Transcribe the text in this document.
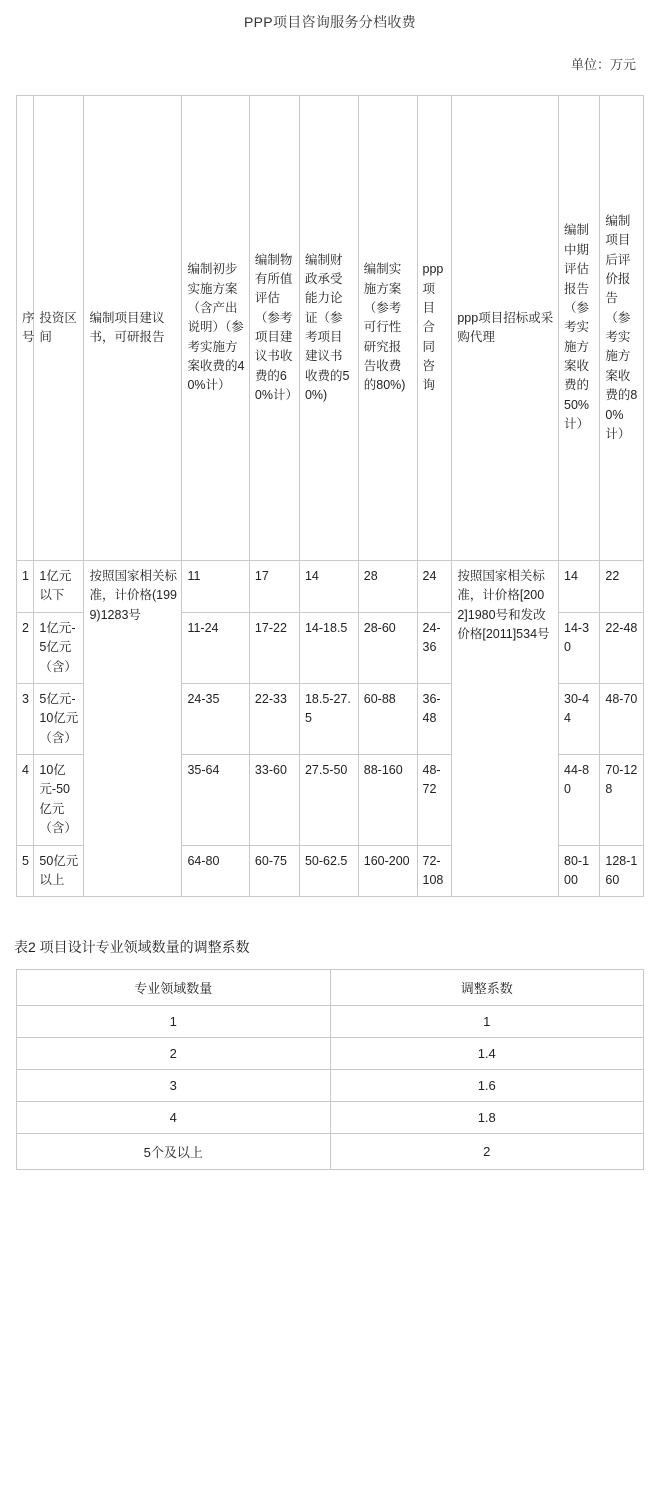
PPP项目咨询服务分档收费
单位：万元
序号	投资区间	编制项目建议书，可研报告	编制初步实施方案（含产出说明）（参考实施方案收费的40%计）	编制物有所值评估（参考项目建议书收费的60%计）	编制财政承受能力论证（参考项目建议书收费的50%)	编制实施方案（参考可行性研究报告收费的80%)	ppp项目合同咨询	ppp项目招标或采购代理	编制中期评估报告（参考实施方案收费的50%计）	编制项目后评价报告（参考实施方案收费的80%计）
1	1亿元以下	按照国家相关标准，计价格(1999)1283号	11	17	14	28	24	按照国家相关标准，计价格[2002]1980号和发改价格[2011]534号	14	22
2	1亿元-5亿元（含）		11-24	17-22	14-18.5	28-60	24-36		14-30	22-48
3	5亿元-10亿元（含）		24-35	22-33	18.5-27.5	60-88	36-48		30-44	48-70
4	10亿元-50亿元（含）		35-64	33-60	27.5-50	88-160	48-72		44-80	70-128
5	50亿元以上		64-80	60-75	50-62.5	160-200	72-108		80-100	128-160
表2 项目设计专业领域数量的调整系数
专业领域数量	调整系数
1	1
2	1.4
3	1.6
4	1.8
5个及以上	2
